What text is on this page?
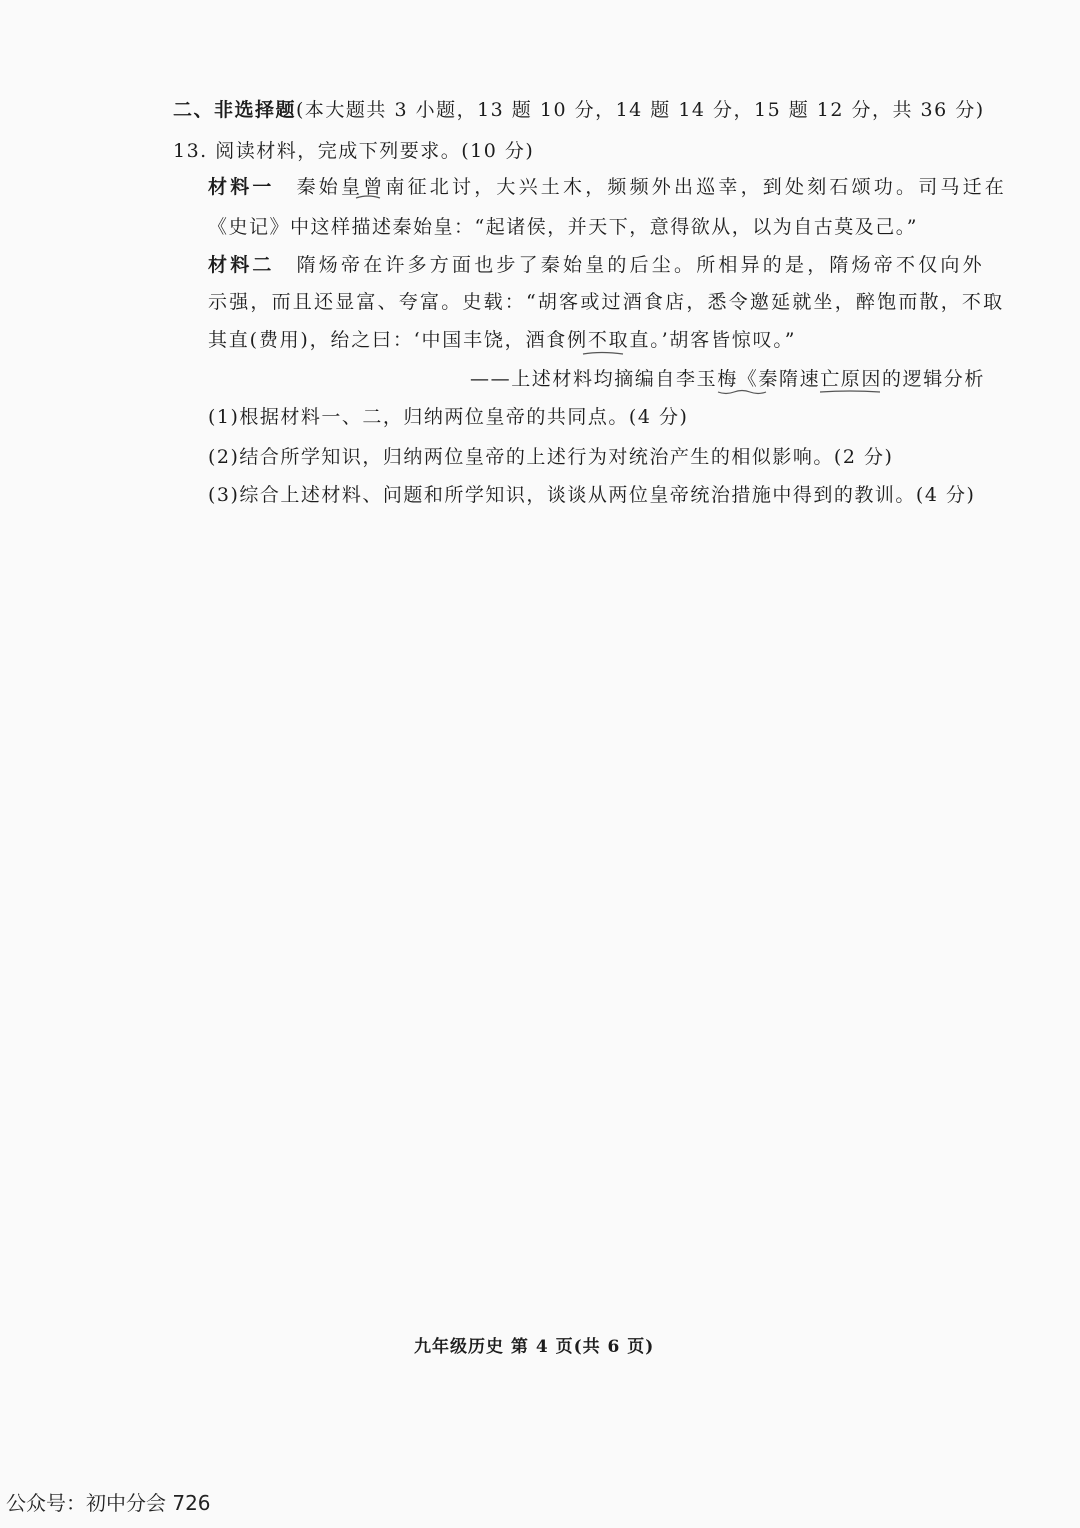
二、非选择题(本大题共 3 小题，13 题 10 分，14 题 14 分，15 题 12 分，共 36 分)
13. 阅读材料，完成下列要求。(10 分)
材料一 秦始皇曾南征北讨，大兴土木，频频外出巡幸，到处刻石颂功。司马迁在
《史记》中这样描述秦始皇：“起诸侯，并天下，意得欲从，以为自古莫及己。”
材料二 隋炀帝在许多方面也步了秦始皇的后尘。所相异的是，隋炀帝不仅向外
示强，而且还显富、夸富。史载：“胡客或过酒食店，悉令邀延就坐，醉饱而散，不取
其直(费用)，绐之曰：‘中国丰饶，酒食例不取直。’胡客皆惊叹。”
——上述材料均摘编自李玉梅《秦隋速亡原因的逻辑分析
(1)根据材料一、二，归纳两位皇帝的共同点。(4 分)
(2)结合所学知识，归纳两位皇帝的上述行为对统治产生的相似影响。(2 分)
(3)综合上述材料、问题和所学知识，谈谈从两位皇帝统治措施中得到的教训。(4 分)
九年级历史 第 4 页(共 6 页)
公众号：初中分会 726
